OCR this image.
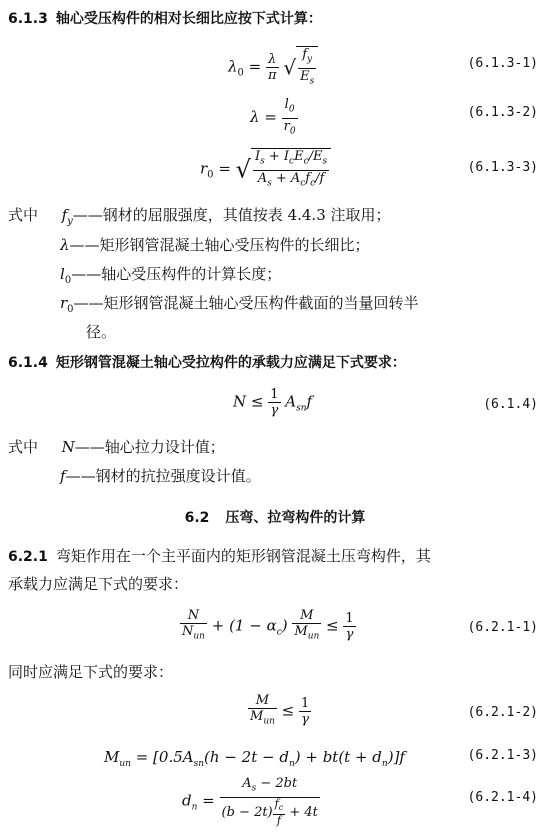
6.1.3 轴心受压构件的相对长细比应按下式计算：
$\lambda_0 = \frac{\lambda}{\pi}$ √ $\frac{f_y}{E_s}$	(6.1.3-1)
$\lambda = \frac{l_0}{r_0}$	(6.1.3-2)
$r_0$ = √ $\frac{I_s + I_cE_c/E_s}{A_s + A_cf_c/f}$	(6.1.3-3)
式中 $f_y——$钢材的屈服强度，其值按表 4.4.3 注取用；
λ——矩形钢管混凝土轴心受压构件的长细比；
$l_0——$轴心受压构件的计算长度；
$r_0——$矩形钢管混凝土轴心受压构件截面的当量回转半
径。
6.1.4 矩形钢管混凝土轴心受拉构件的承载力应满足下式要求：
$N \le \frac{1}{\gamma} A_{sn}f$	(6.1.4)
式中 N——轴心拉力设计值；
f——钢材的抗拉强度设计值。
6.2 压弯、拉弯构件的计算
6.2.1 弯矩作用在一个主平面内的矩形钢管混凝土压弯构件，其
承载力应满足下式的要求：
$\frac{N}{N_{un}} + (1 - \alpha_c) \frac{M}{M_{un}} \le \frac{1}{\gamma}$	(6.2.1-1)
同时应满足下式的要求：
$\frac{M}{M_{un}} \le \frac{1}{\gamma}$	(6.2.1-2)
$M_{un} = [0.5A_{sn}(h - 2t - d_n) + bt(t + d_n)]f$	(6.2.1-3)
$d_n = \frac{A_s - 2bt}{(b - 2t) \frac{f_c}{f} + 4t}$	(6.2.1-4)
